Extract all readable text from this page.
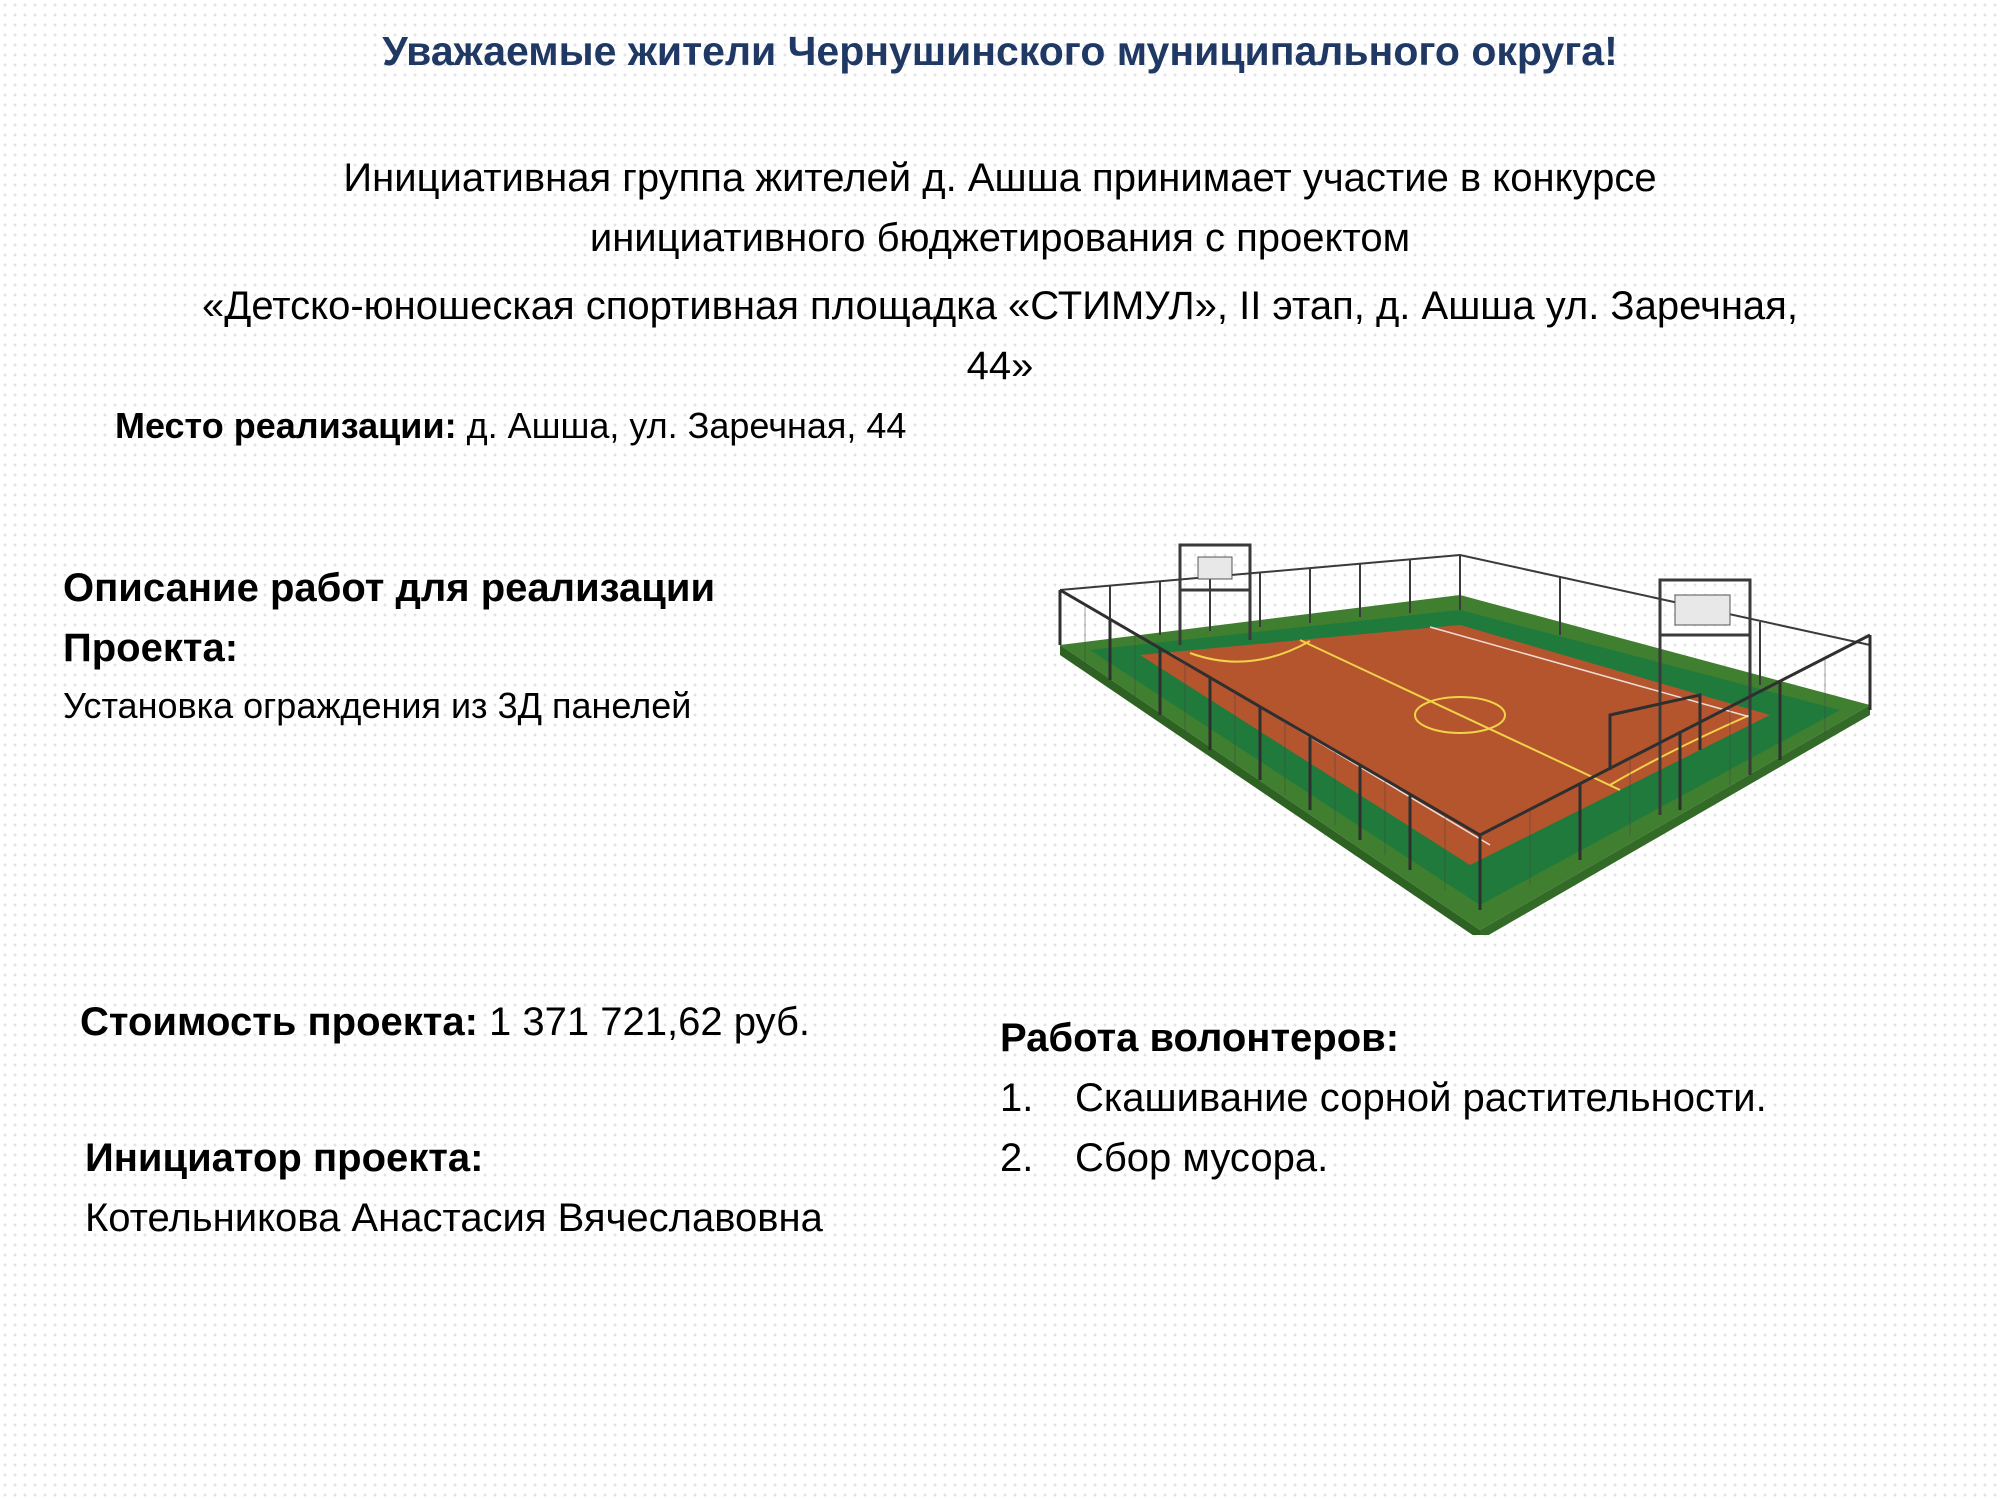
Уважаемые жители Чернушинского муниципального округа!
Инициативная группа жителей д. Ашша принимает участие в конкурсе
инициативного бюджетирования с проектом
«Детско-юношеская спортивная площадка «СТИМУЛ», II этап, д. Ашша ул. Заречная,
44»
Место реализации: д. Ашша, ул. Заречная, 44
Описание работ для реализации
Проекта:
Установка ограждения из 3Д панелей
Стоимость проекта: 1 371 721,62 руб.
Инициатор проекта:
Котельникова Анастасия Вячеславовна
Работа волонтеров:
1.	Скашивание сорной растительности.
2.	Сбор мусора.
